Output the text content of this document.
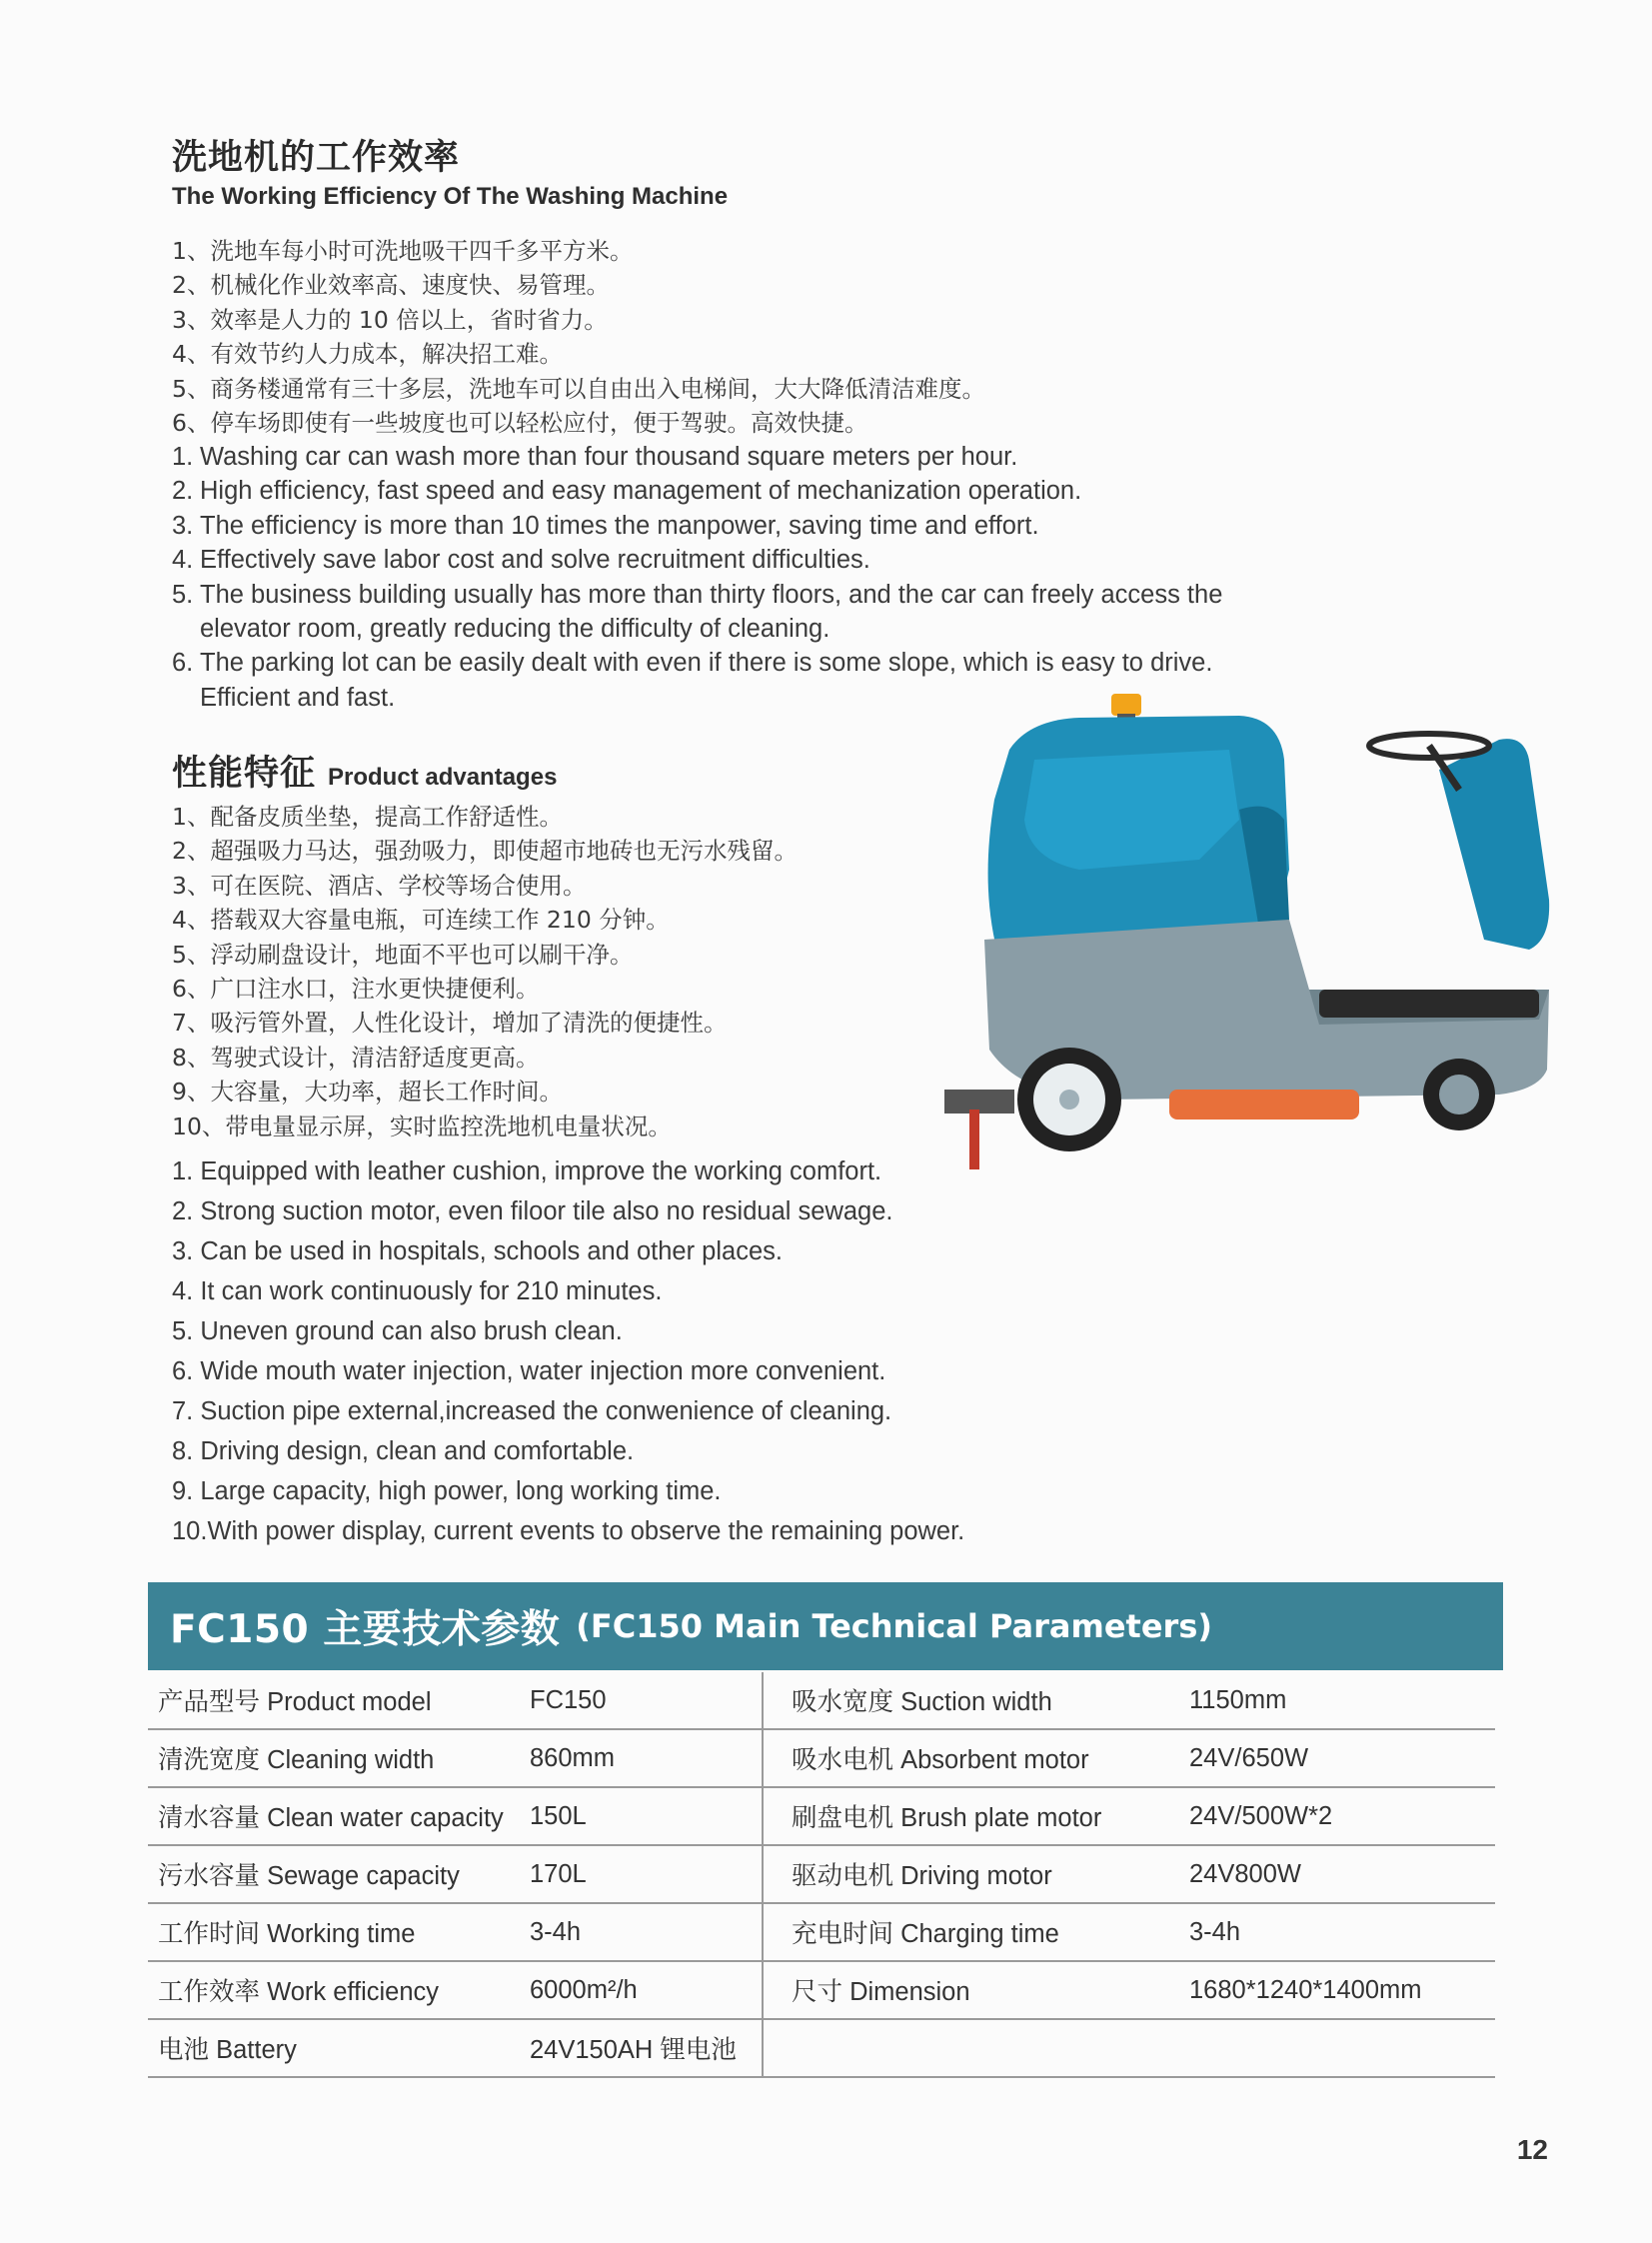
洗地机的工作效率
The Working Efficiency Of The Washing Machine
1、洗地车每小时可洗地吸干四千多平方米。
2、机械化作业效率高、速度快、易管理。
3、效率是人力的 10 倍以上，省时省力。
4、有效节约人力成本，解决招工难。
5、商务楼通常有三十多层，洗地车可以自由出入电梯间，大大降低清洁难度。
6、停车场即使有一些坡度也可以轻松应付，便于驾驶。高效快捷。
1. Washing car can wash more than four thousand square meters per hour.
2. High efficiency, fast speed and easy management of mechanization operation.
3. The efficiency is more than 10 times the manpower, saving time and effort.
4. Effectively save labor cost and solve recruitment difficulties.
5. The business building usually has more than thirty floors, and the car can freely access the elevator room, greatly reducing the difficulty of cleaning.
6. The parking lot can be easily dealt with even if there is some slope, which is easy to drive. Efficient and fast.
性能特征 Product advantages
1、配备皮质坐垫，提高工作舒适性。
2、超强吸力马达，强劲吸力，即使超市地砖也无污水残留。
3、可在医院、酒店、学校等场合使用。
4、搭载双大容量电瓶，可连续工作 210 分钟。
5、浮动刷盘设计，地面不平也可以刷干净。
6、广口注水口，注水更快捷便利。
7、吸污管外置，人性化设计，增加了清洗的便捷性。
8、驾驶式设计，清洁舒适度更高。
9、大容量，大功率，超长工作时间。
10、带电量显示屏，实时监控洗地机电量状况。
1. Equipped with leather cushion, improve the working comfort.
2. Strong suction motor, even filoor tile also no residual sewage.
3. Can be used in hospitals, schools and other places.
4. It can work continuously for 210 minutes.
5. Uneven ground can also brush clean.
6. Wide mouth water injection, water injection more convenient.
7. Suction pipe external,increased the conwenience of cleaning.
8. Driving design, clean and comfortable.
9. Large capacity, high power, long working time.
10.With power display, current events to observe the remaining power.
FC150 主要技术参数 (FC150 Main Technical Parameters)
产品型号 Product model	FC150	吸水宽度 Suction width	1150mm
清洗宽度 Cleaning width	860mm	吸水电机 Absorbent motor	24V/650W
清水容量 Clean water capacity	150L	刷盘电机 Brush plate motor	24V/500W*2
污水容量 Sewage capacity	170L	驱动电机 Driving motor	24V800W
工作时间 Working time	3-4h	充电时间 Charging time	3-4h
工作效率 Work efficiency	6000m²/h	尺寸 Dimension	1680*1240*1400mm
电池 Battery	24V150AH 锂电池		
12
